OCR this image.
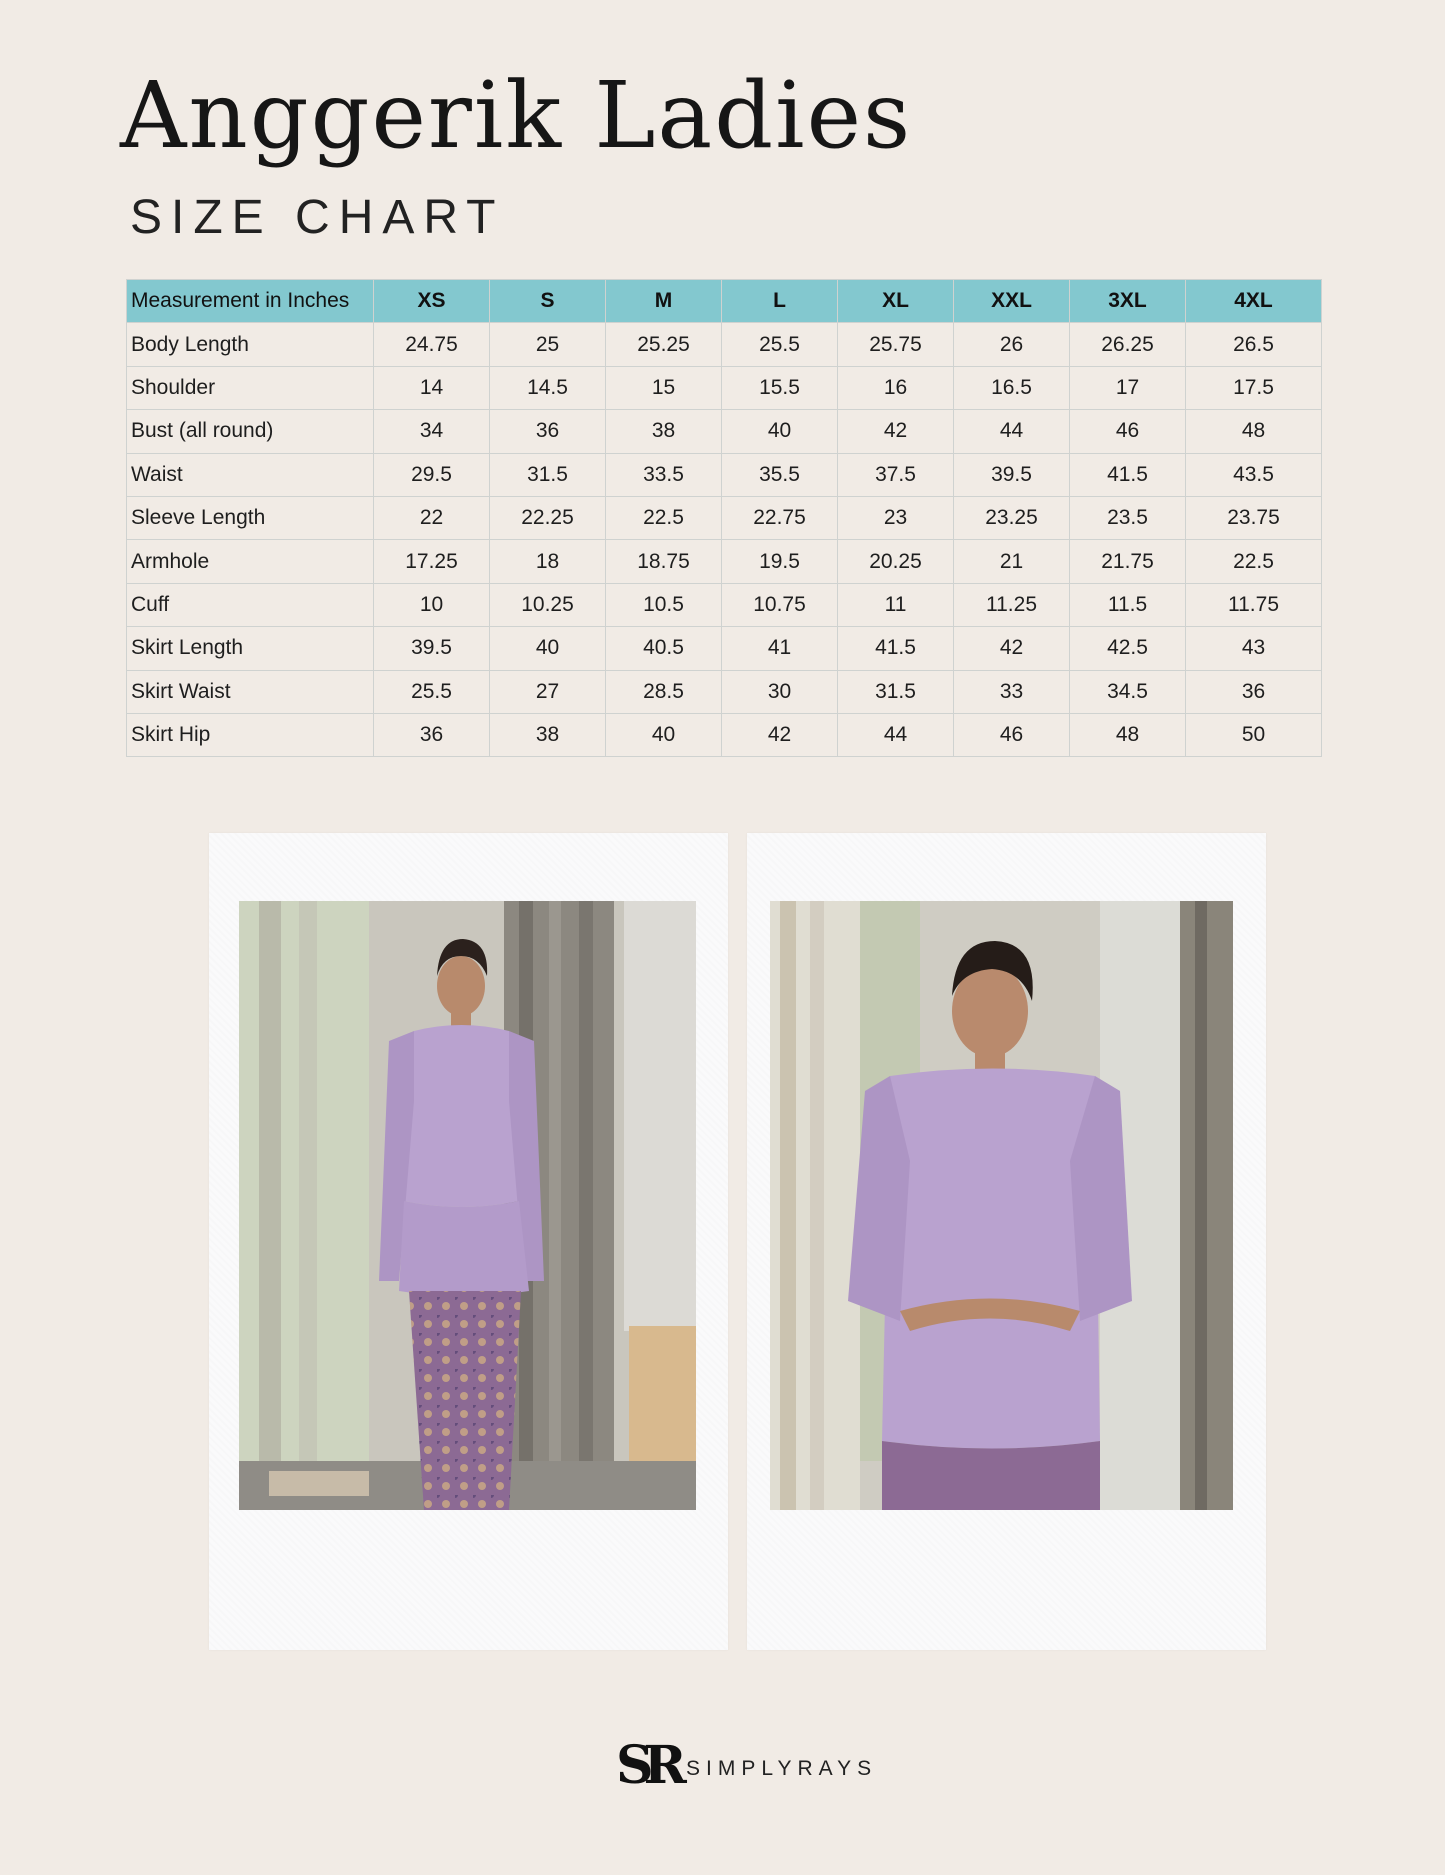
Anggerik Ladies
SIZE CHART
Measurement in Inches	XS	S	M	L	XL	XXL	3XL	4XL
Body Length	24.75	25	25.25	25.5	25.75	26	26.25	26.5
Shoulder	14	14.5	15	15.5	16	16.5	17	17.5
Bust (all round)	34	36	38	40	42	44	46	48
Waist	29.5	31.5	33.5	35.5	37.5	39.5	41.5	43.5
Sleeve Length	22	22.25	22.5	22.75	23	23.25	23.5	23.75
Armhole	17.25	18	18.75	19.5	20.25	21	21.75	22.5
Cuff	10	10.25	10.5	10.75	11	11.25	11.5	11.75
Skirt Length	39.5	40	40.5	41	41.5	42	42.5	43
Skirt Waist	25.5	27	28.5	30	31.5	33	34.5	36
Skirt Hip	36	38	40	42	44	46	48	50
SR SIMPLYRAYS
